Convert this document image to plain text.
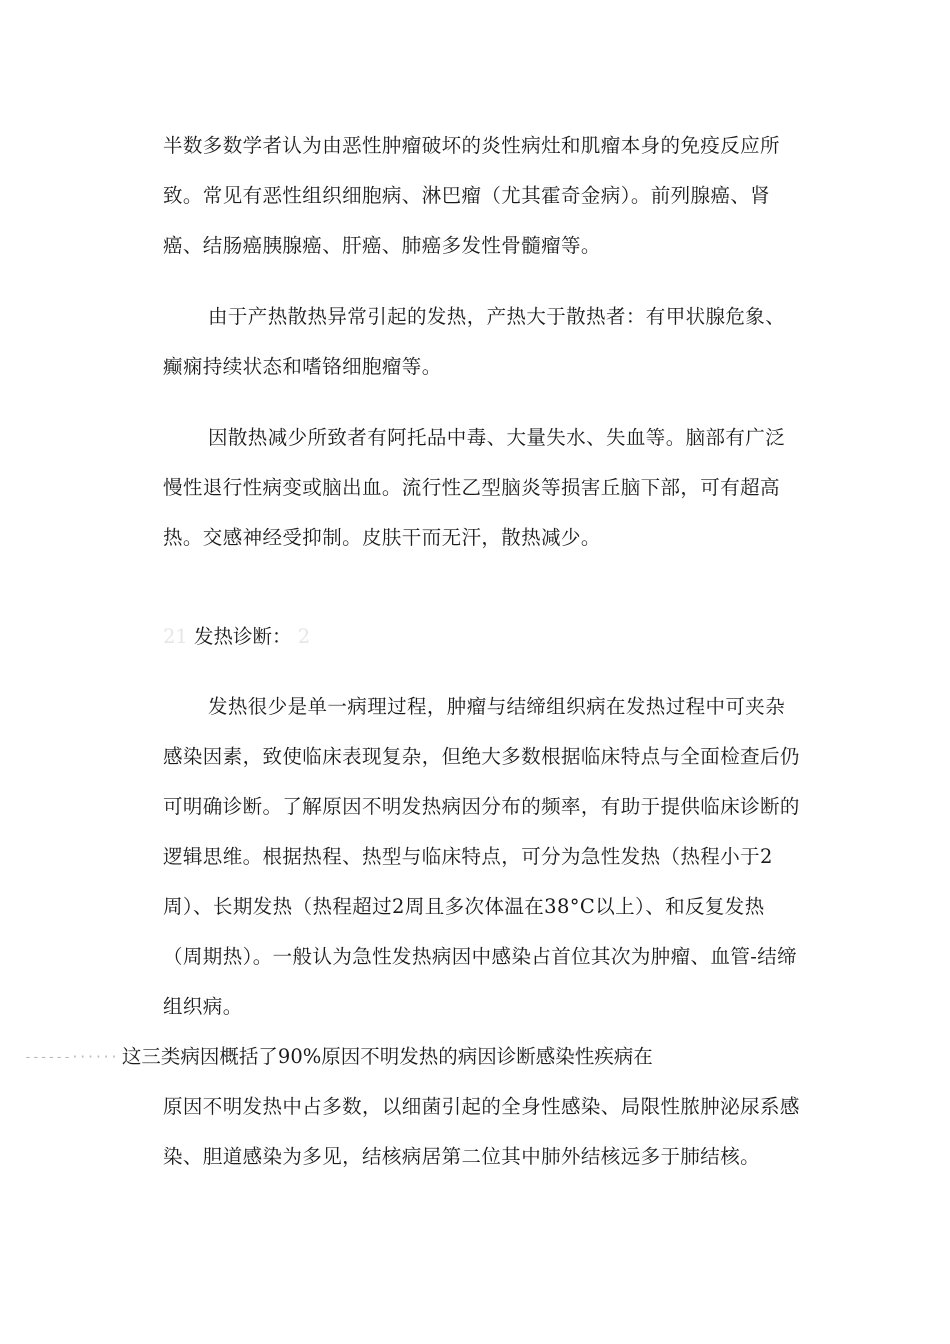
半数多数学者认为由恶性肿瘤破坏的炎性病灶和肌瘤本身的免疫反应所致。常见有恶性组织细胞病、淋巴瘤（尤其霍奇金病）。前列腺癌、肾癌、结肠癌胰腺癌、肝癌、肺癌多发性骨髓瘤等。

由于产热散热异常引起的发热，产热大于散热者：有甲状腺危象、癫痫持续状态和嗜铬细胞瘤等。

因散热减少所致者有阿托品中毒、大量失水、失血等。脑部有广泛慢性退行性病变或脑出血。流行性乙型脑炎等损害丘脑下部，可有超高热。交感神经受抑制。皮肤干而无汗，散热减少。

21 发热诊断： 2

发热很少是单一病理过程，肿瘤与结缔组织病在发热过程中可夹杂感染因素，致使临床表现复杂，但绝大多数根据临床特点与全面检查后仍可明确诊断。了解原因不明发热病因分布的频率，有助于提供临床诊断的逻辑思维。根据热程、热型与临床特点，可分为急性发热（热程小于2周）、长期发热（热程超过2周且多次体温在38°C以上）、和反复发热（周期热）。一般认为急性发热病因中感染占首位其次为肿瘤、血管-结缔组织病。

------······ 这三类病因概括了90%原因不明发热的病因诊断感染性疾病在

原因不明发热中占多数，以细菌引起的全身性感染、局限性脓肿泌尿系感染、胆道感染为多见，结核病居第二位其中肺外结核远多于肺结核。
